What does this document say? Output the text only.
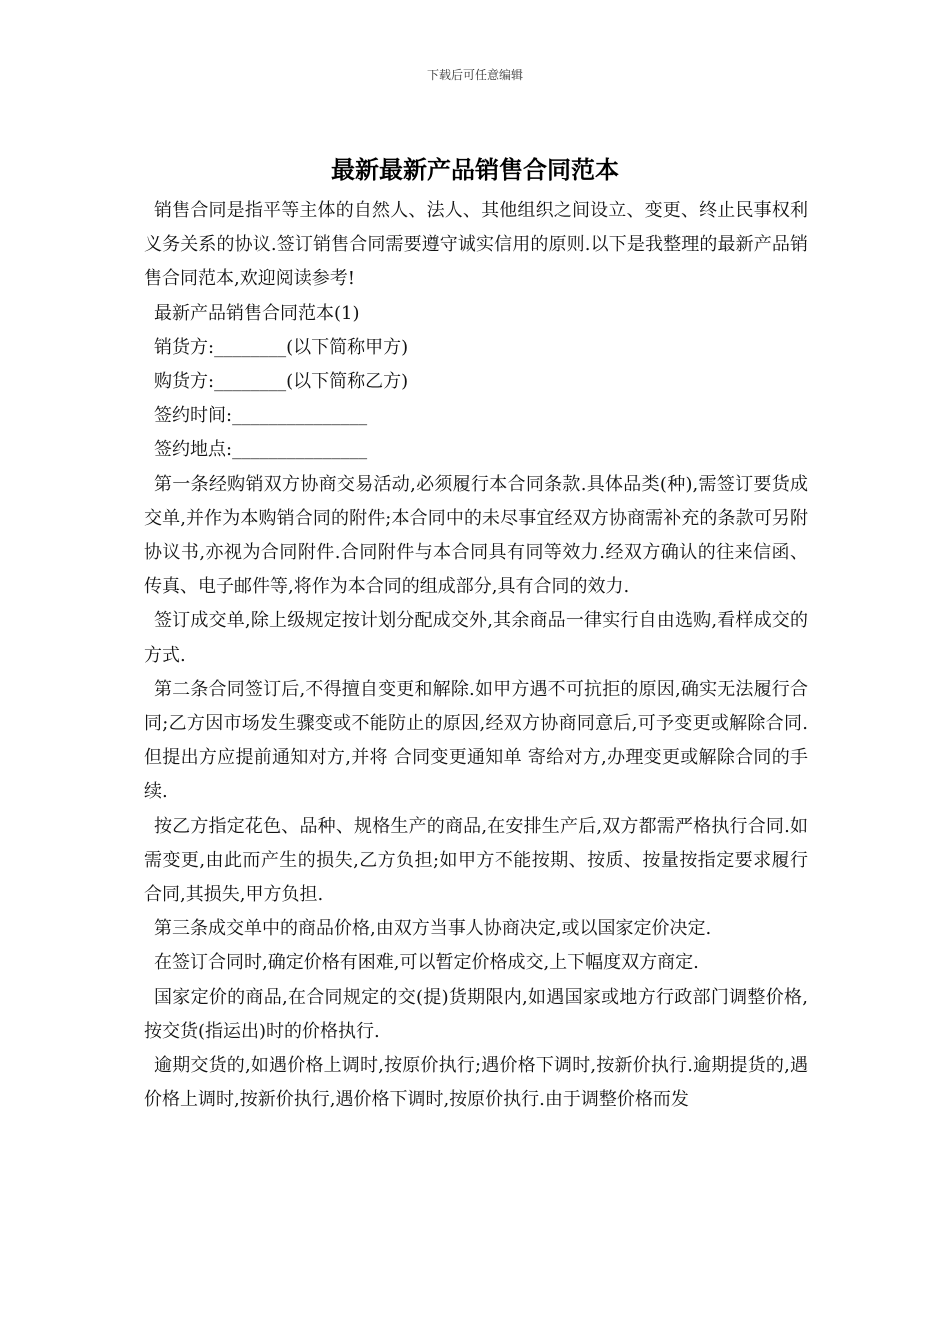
下载后可任意编辑
最新最新产品销售合同范本

销售合同是指平等主体的自然人、法人、其他组织之间设立、变更、终止民事权利义务关系的协议.签订销售合同需要遵守诚实信用的原则.以下是我整理的最新产品销售合同范本,欢迎阅读参考!

最新产品销售合同范本(1)

销货方:________(以下简称甲方)

购货方:________(以下简称乙方)

签约时间:_______________

签约地点:_______________

第一条经购销双方协商交易活动,必须履行本合同条款.具体品类(种),需签订要货成交单,并作为本购销合同的附件;本合同中的未尽事宜经双方协商需补充的条款可另附协议书,亦视为合同附件.合同附件与本合同具有同等效力.经双方确认的往来信函、传真、电子邮件等,将作为本合同的组成部分,具有合同的效力.

签订成交单,除上级规定按计划分配成交外,其余商品一律实行自由选购,看样成交的方式.

第二条合同签订后,不得擅自变更和解除.如甲方遇不可抗拒的原因,确实无法履行合同;乙方因市场发生骤变或不能防止的原因,经双方协商同意后,可予变更或解除合同.但提出方应提前通知对方,并将 合同变更通知单 寄给对方,办理变更或解除合同的手续.

按乙方指定花色、品种、规格生产的商品,在安排生产后,双方都需严格执行合同.如需变更,由此而产生的损失,乙方负担;如甲方不能按期、按质、按量按指定要求履行合同,其损失,甲方负担.

第三条成交单中的商品价格,由双方当事人协商决定,或以国家定价决定.

在签订合同时,确定价格有困难,可以暂定价格成交,上下幅度双方商定.

国家定价的商品,在合同规定的交(提)货期限内,如遇国家或地方行政部门调整价格,按交货(指运出)时的价格执行.

逾期交货的,如遇价格上调时,按原价执行;遇价格下调时,按新价执行.逾期提货的,遇价格上调时,按新价执行,遇价格下调时,按原价执行.由于调整价格而发
